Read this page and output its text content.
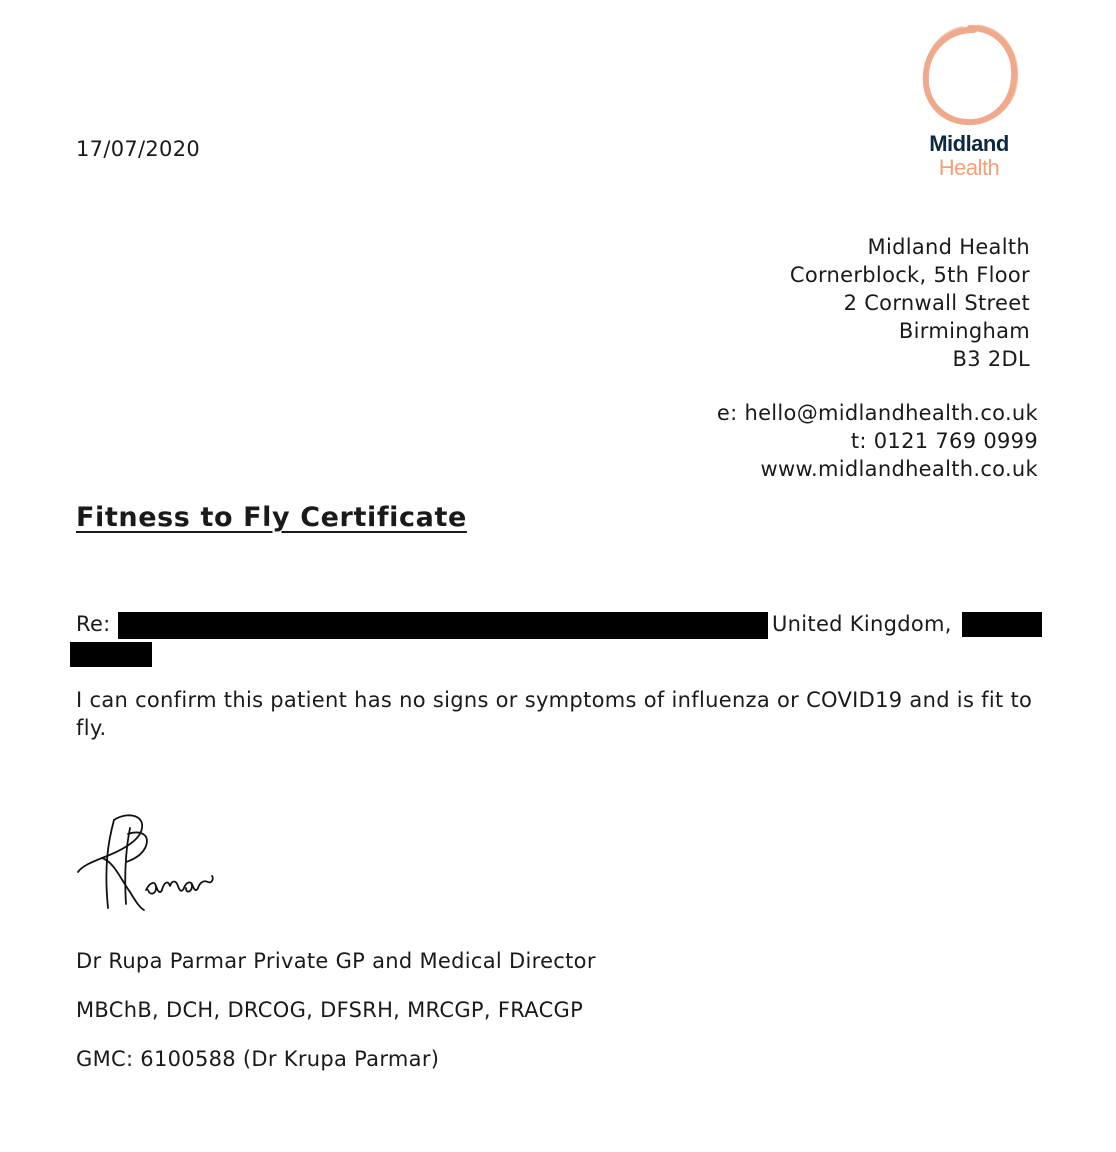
17/07/2020	Midland
Health
Midland Health
Cornerblock, 5th Floor
2 Cornwall Street
Birmingham
B3 2DL
e: hello@midlandhealth.co.uk
t: 0121 769 0999
www.midlandhealth.co.uk
Fitness to Fly Certificate
Re:	United Kingdom,
I can confirm this patient has no signs or symptoms of influenza or COVID19 and is fit to fly.
Dr Rupa Parmar Private GP and Medical Director
MBChB, DCH, DRCOG, DFSRH, MRCGP, FRACGP
GMC: 6100588 (Dr Krupa Parmar)
